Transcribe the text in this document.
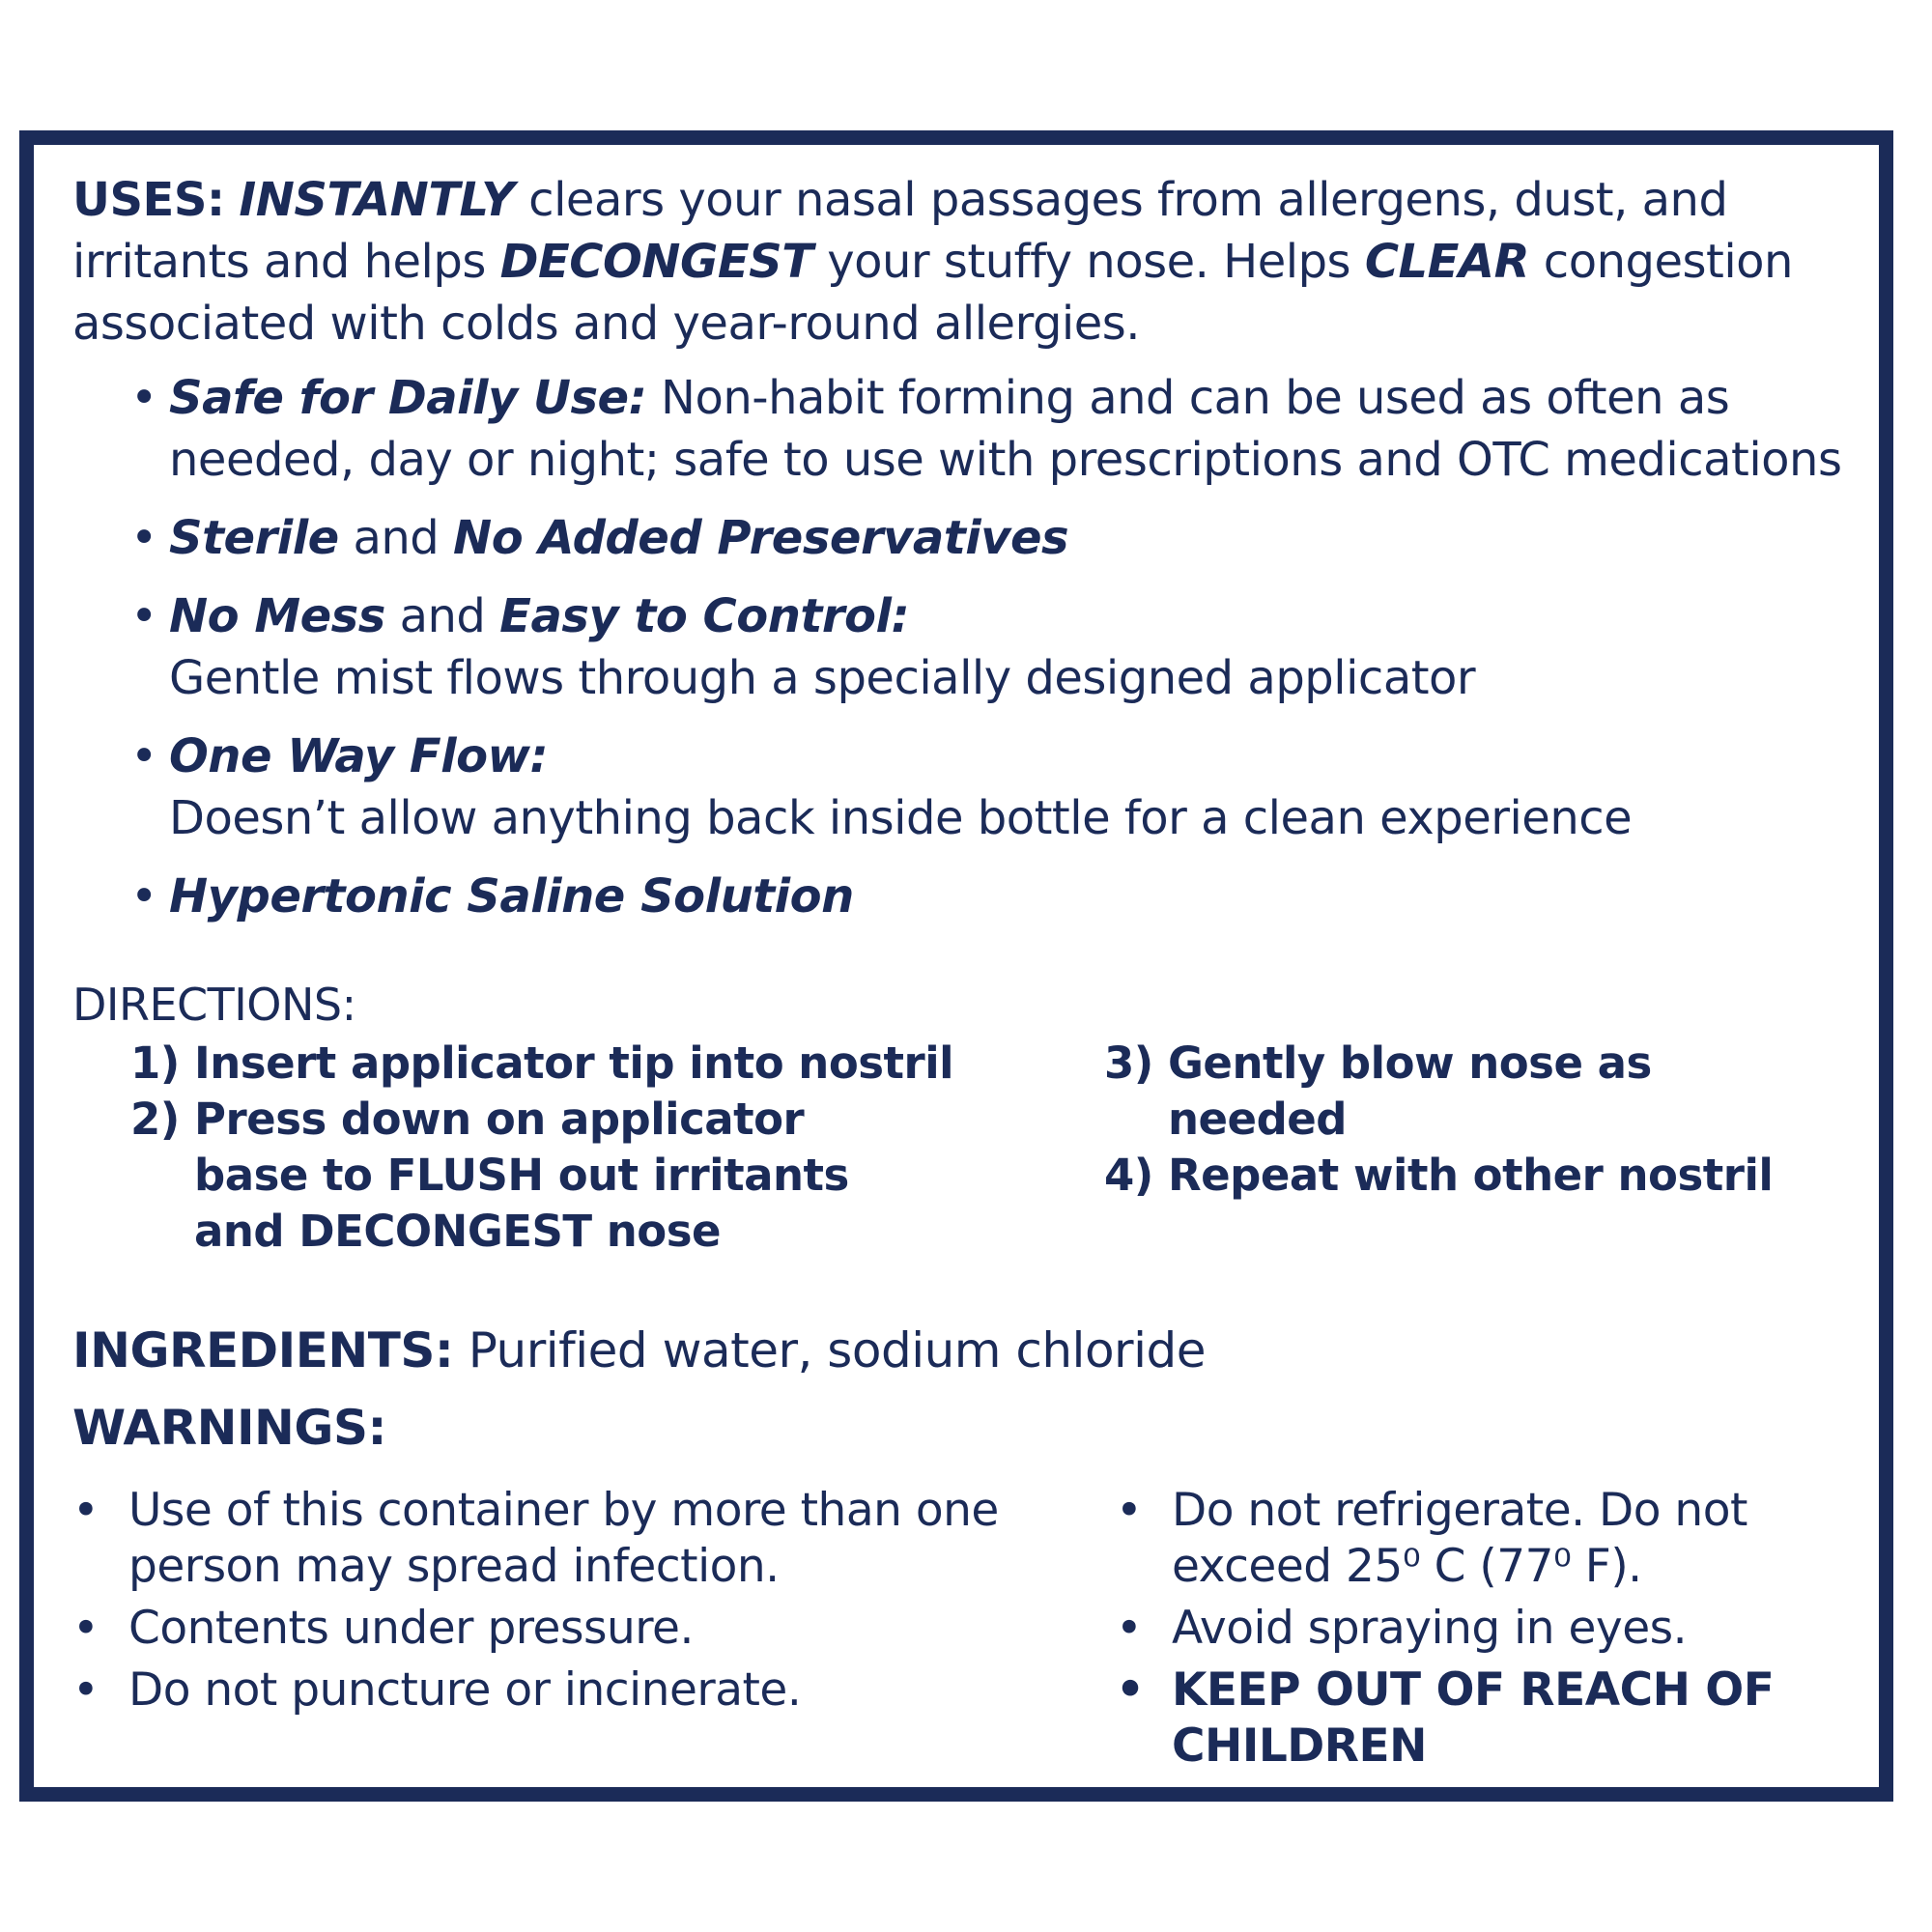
USES: INSTANTLY clears your nasal passages from allergens, dust, and irritants and helps DECONGEST your stuffy nose. Helps CLEAR congestion associated with colds and year-round allergies.
• Safe for Daily Use: Non-habit forming and can be used as often as needed, day or night; safe to use with prescriptions and OTC medications
• Sterile and No Added Preservatives
• No Mess and Easy to Control:
Gentle mist flows through a specially designed applicator
• One Way Flow:
Doesn’t allow anything back inside bottle for a clean experience
• Hypertonic Saline Solution
DIRECTIONS:
1) Insert applicator tip into nostril
2) Press down on applicator base to FLUSH out irritants and DECONGEST nose
3) Gently blow nose as needed
4) Repeat with other nostril
INGREDIENTS: Purified water, sodium chloride
WARNINGS:
• Use of this container by more than one person may spread infection.
• Contents under pressure.
• Do not puncture or incinerate.
• Do not refrigerate. Do not exceed 25⁰ C (77⁰ F).
• Avoid spraying in eyes.
• KEEP OUT OF REACH OF CHILDREN
